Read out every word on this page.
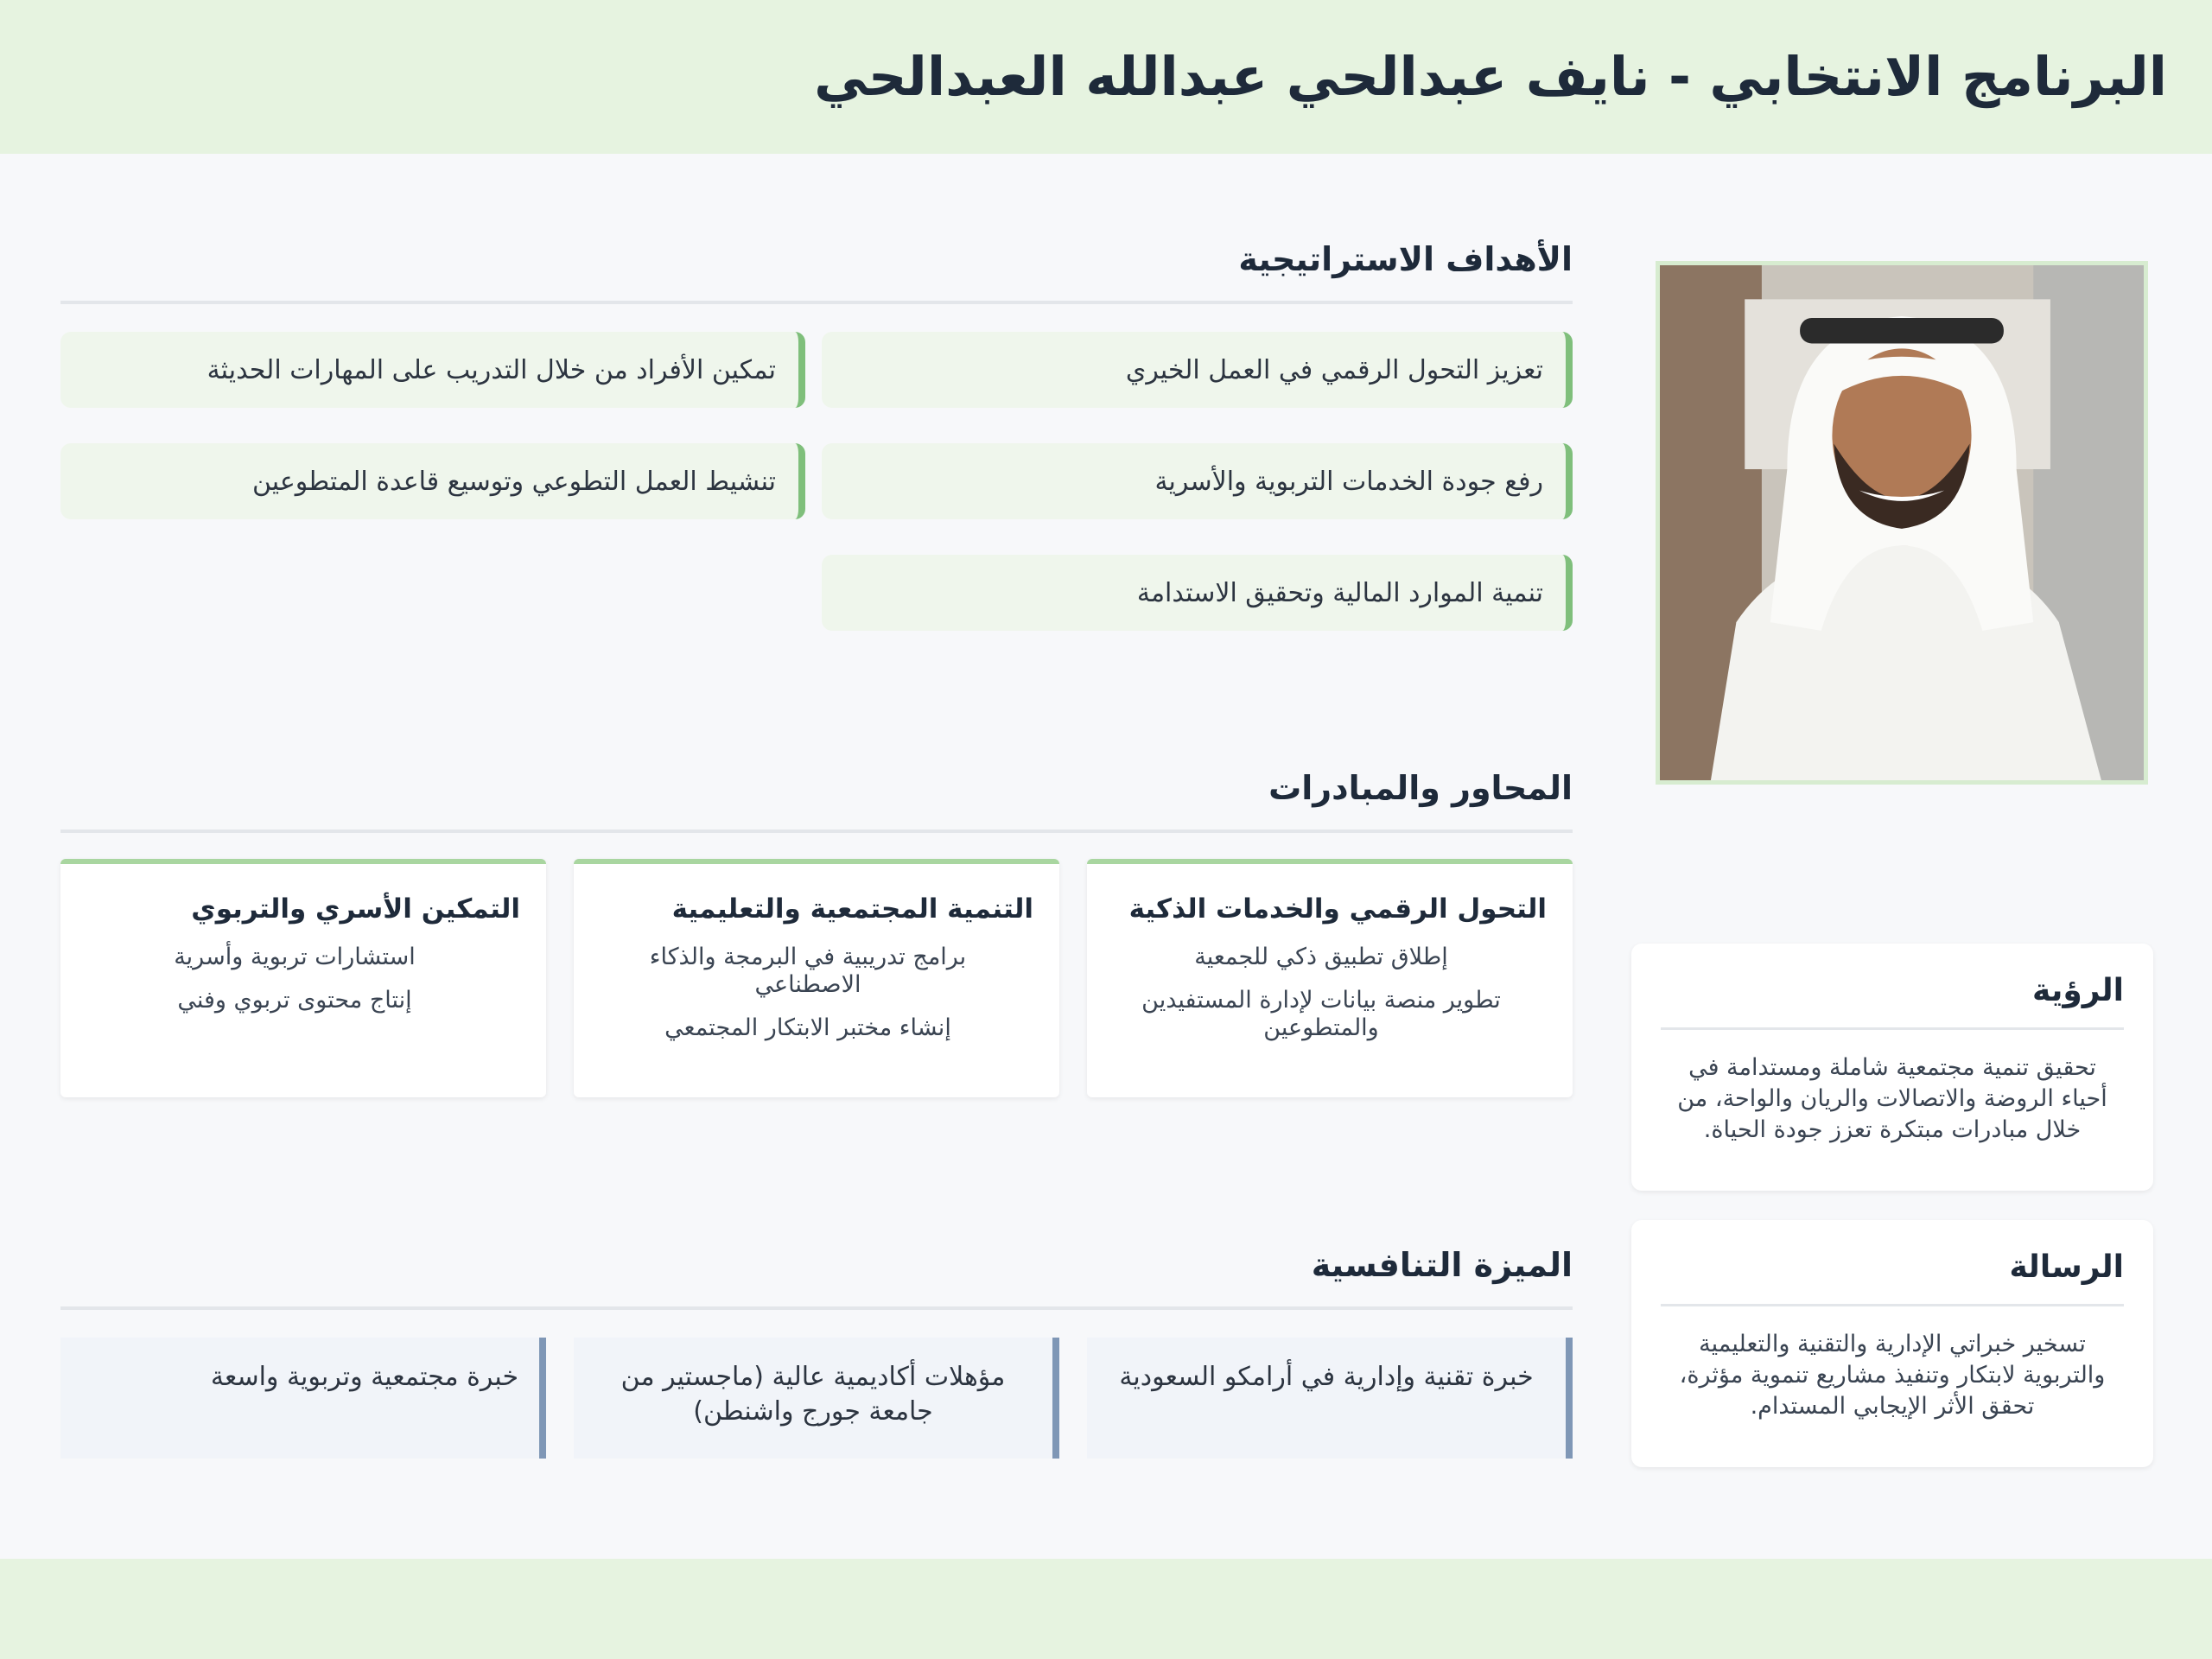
البرنامج الانتخابي - نايف عبدالحي عبدالله العبدالحي
الرؤية

تحقيق تنمية مجتمعية شاملة ومستدامة في أحياء الروضة والاتصالات والريان والواحة، من خلال مبادرات مبتكرة تعزز جودة الحياة.

الرسالة

تسخير خبراتي الإدارية والتقنية والتعليمية والتربوية لابتكار وتنفيذ مشاريع تنموية مؤثرة، تحقق الأثر الإيجابي المستدام.

الأهداف الاستراتيجية
تعزيز التحول الرقمي في العمل الخيري
تمكين الأفراد من خلال التدريب على المهارات الحديثة
رفع جودة الخدمات التربوية والأسرية
تنشيط العمل التطوعي وتوسيع قاعدة المتطوعين
تنمية الموارد المالية وتحقيق الاستدامة
المحاور والمبادرات
التحول الرقمي والخدمات الذكية
إطلاق تطبيق ذكي للجمعية
تطوير منصة بيانات لإدارة المستفيدين والمتطوعين
التنمية المجتمعية والتعليمية
برامج تدريبية في البرمجة والذكاء الاصطناعي
إنشاء مختبر الابتكار المجتمعي
التمكين الأسري والتربوي
استشارات تربوية وأسرية
إنتاج محتوى تربوي وفني
الميزة التنافسية
خبرة تقنية وإدارية في أرامكو السعودية
مؤهلات أكاديمية عالية (ماجستير من جامعة جورج واشنطن)
خبرة مجتمعية وتربوية واسعة
